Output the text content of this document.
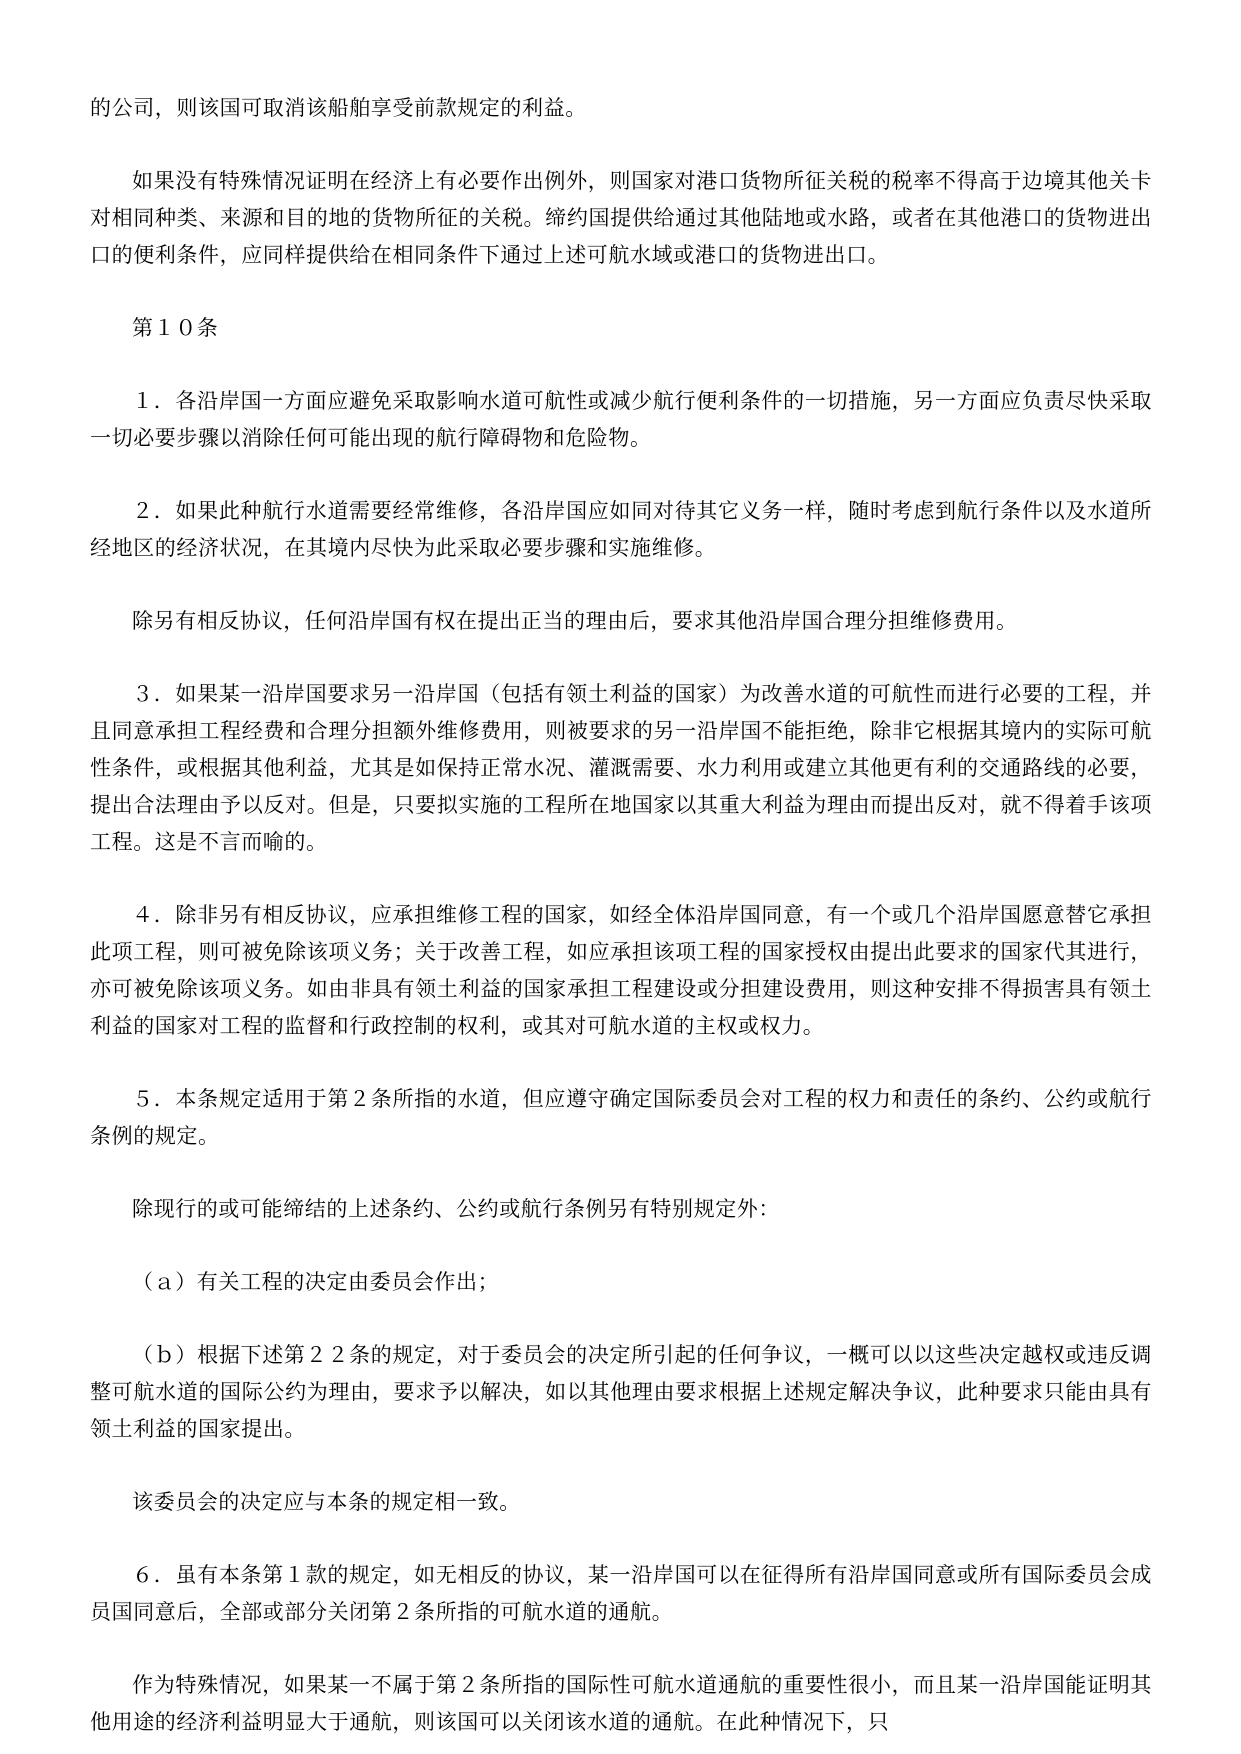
的公司，则该国可取消该船舶享受前款规定的利益。

如果没有特殊情况证明在经济上有必要作出例外，则国家对港口货物所征关税的税率不得高于边境其他关卡对相同种类、来源和目的地的货物所征的关税。缔约国提供给通过其他陆地或水路，或者在其他港口的货物进出口的便利条件，应同样提供给在相同条件下通过上述可航水域或港口的货物进出口。

第１０条

１．各沿岸国一方面应避免采取影响水道可航性或减少航行便利条件的一切措施，另一方面应负责尽快采取一切必要步骤以消除任何可能出现的航行障碍物和危险物。

２．如果此种航行水道需要经常维修，各沿岸国应如同对待其它义务一样，随时考虑到航行条件以及水道所经地区的经济状况，在其境内尽快为此采取必要步骤和实施维修。

除另有相反协议，任何沿岸国有权在提出正当的理由后，要求其他沿岸国合理分担维修费用。

３．如果某一沿岸国要求另一沿岸国（包括有领土利益的国家）为改善水道的可航性而进行必要的工程，并且同意承担工程经费和合理分担额外维修费用，则被要求的另一沿岸国不能拒绝，除非它根据其境内的实际可航性条件，或根据其他利益，尤其是如保持正常水况、灌溉需要、水力利用或建立其他更有利的交通路线的必要，提出合法理由予以反对。但是，只要拟实施的工程所在地国家以其重大利益为理由而提出反对，就不得着手该项工程。这是不言而喻的。

４．除非另有相反协议，应承担维修工程的国家，如经全体沿岸国同意，有一个或几个沿岸国愿意替它承担此项工程，则可被免除该项义务；关于改善工程，如应承担该项工程的国家授权由提出此要求的国家代其进行，亦可被免除该项义务。如由非具有领土利益的国家承担工程建设或分担建设费用，则这种安排不得损害具有领土利益的国家对工程的监督和行政控制的权利，或其对可航水道的主权或权力。

５．本条规定适用于第２条所指的水道，但应遵守确定国际委员会对工程的权力和责任的条约、公约或航行条例的规定。

除现行的或可能缔结的上述条约、公约或航行条例另有特别规定外：

（ａ）有关工程的决定由委员会作出；

（ｂ）根据下述第２２条的规定，对于委员会的决定所引起的任何争议，一概可以以这些决定越权或违反调整可航水道的国际公约为理由，要求予以解决，如以其他理由要求根据上述规定解决争议，此种要求只能由具有领土利益的国家提出。

该委员会的决定应与本条的规定相一致。

６．虽有本条第１款的规定，如无相反的协议，某一沿岸国可以在征得所有沿岸国同意或所有国际委员会成员国同意后，全部或部分关闭第２条所指的可航水道的通航。

作为特殊情况，如果某一不属于第２条所指的国际性可航水道通航的重要性很小，而且某一沿岸国能证明其他用途的经济利益明显大于通航，则该国可以关闭该水道的通航。在此种情况下，只
